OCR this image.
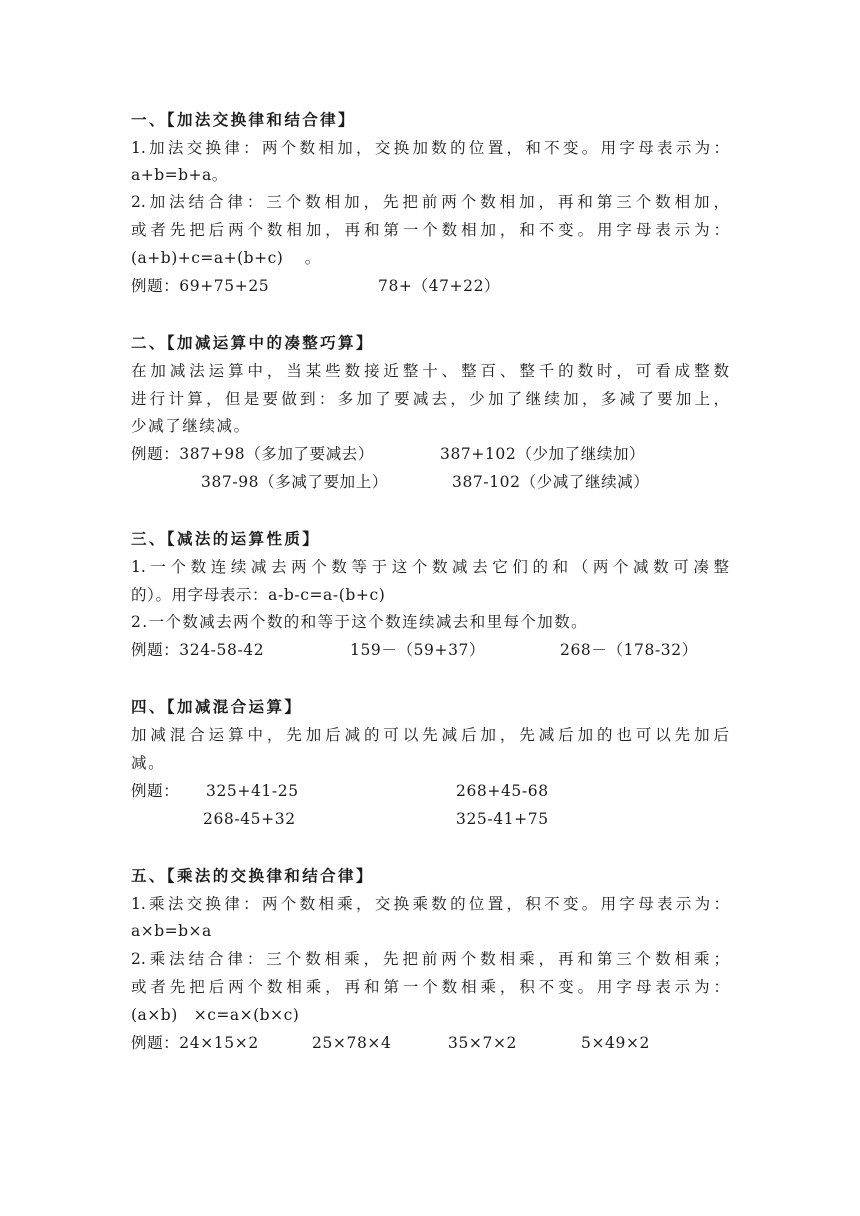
一、【加法交换律和结合律】
1.加法交换律：两个数相加，交换加数的位置，和不变。用字母表示为：
a+b=b+a。
2.加法结合律：三个数相加，先把前两个数相加，再和第三个数相加，
或者先把后两个数相加，再和第一个数相加，和不变。用字母表示为：
(a+b)+c=a+(b+c)　 。
例题：69+75+25	78+（47+22）
二、【加减运算中的凑整巧算】
在加减法运算中，当某些数接近整十、整百、整千的数时，可看成整数
进行计算，但是要做到：多加了要减去，少加了继续加，多减了要加上，
少减了继续减。
例题：387+98（多加了要减去）	387+102（少加了继续加）
387-98（多减了要加上）	387-102（少减了继续减）
三、【减法的运算性质】
1.一个数连续减去两个数等于这个数减去它们的和（两个减数可凑整
的）。用字母表示：a-b-c=a-(b+c)
2.一个数减去两个数的和等于这个数连续减去和里每个加数。
例题：324-58-42	159－（59+37）	268－（178-32）
四、【加减混合运算】
加减混合运算中，先加后减的可以先减后加，先减后加的也可以先加后
减。
例题： 325+41-25	268+45-68
268-45+32	325-41+75
五、【乘法的交换律和结合律】
1.乘法交换律：两个数相乘，交换乘数的位置，积不变。用字母表示为：
a×b=b×a
2.乘法结合律：三个数相乘，先把前两个数相乘，再和第三个数相乘；
或者先把后两个数相乘，再和第一个数相乘，积不变。用字母表示为：
(a×b)　×c=a×(b×c)
例题：24×15×2	25×78×4	35×7×2	5×49×2
